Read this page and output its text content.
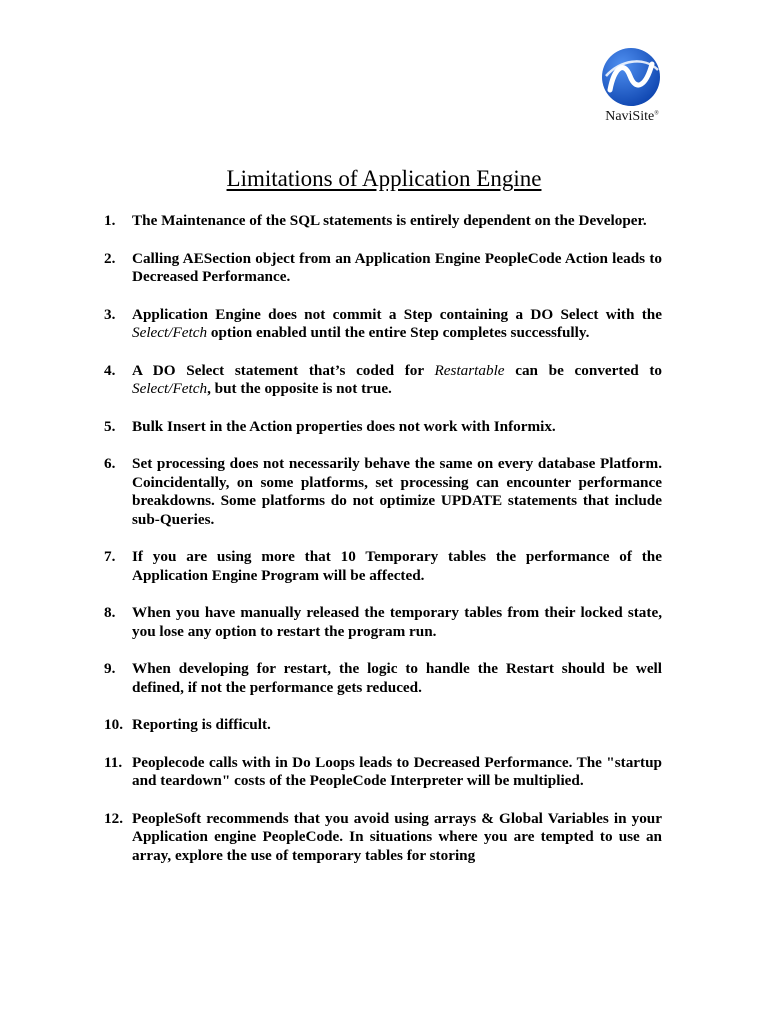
NaviSite®
Limitations of Application Engine
1. The Maintenance of the SQL statements is entirely dependent on the Developer.
2. Calling AESection object from an Application Engine PeopleCode Action leads to Decreased Performance.
3. Application Engine does not commit a Step containing a DO Select with the Select/Fetch option enabled until the entire Step completes successfully.
4. A DO Select statement that’s coded for Restartable can be converted to Select/Fetch, but the opposite is not true.
5. Bulk Insert in the Action properties does not work with Informix.
6. Set processing does not necessarily behave the same on every database Platform. Coincidentally, on some platforms, set processing can encounter performance breakdowns. Some platforms do not optimize UPDATE statements that include sub-Queries.
7. If you are using more that 10 Temporary tables the performance of the Application Engine Program will be affected.
8. When you have manually released the temporary tables from their locked state, you lose any option to restart the program run.
9. When developing for restart, the logic to handle the Restart should be well defined, if not the performance gets reduced.
10. Reporting is difficult.
11. Peoplecode calls with in Do Loops leads to Decreased Performance. The "startup and teardown" costs of the PeopleCode Interpreter will be multiplied.
12. PeopleSoft recommends that you avoid using arrays & Global Variables in your Application engine PeopleCode. In situations where you are tempted to use an array, explore the use of temporary tables for storing
